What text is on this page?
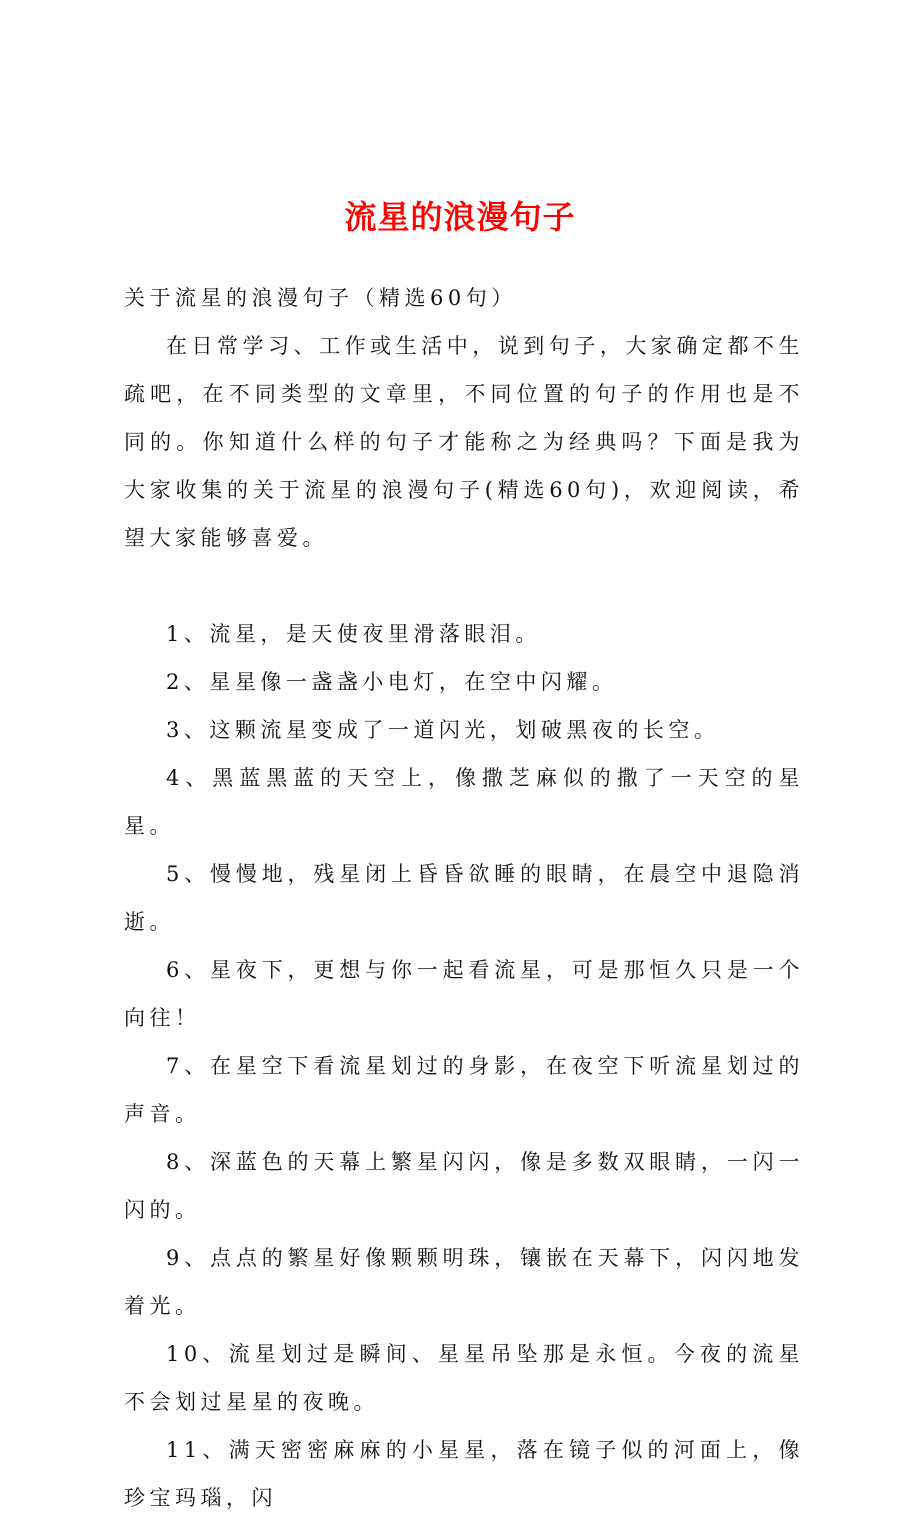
流星的浪漫句子

关于流星的浪漫句子（精选60句）

在日常学习、工作或生活中，说到句子，大家确定都不生疏吧，在不同类型的文章里，不同位置的句子的作用也是不同的。你知道什么样的句子才能称之为经典吗？下面是我为大家收集的关于流星的浪漫句子(精选60句)，欢迎阅读，希望大家能够喜爱。

1、流星，是天使夜里滑落眼泪。

2、星星像一盏盏小电灯，在空中闪耀。

3、这颗流星变成了一道闪光，划破黑夜的长空。

4、黑蓝黑蓝的天空上，像撒芝麻似的撒了一天空的星星。

5、慢慢地，残星闭上昏昏欲睡的眼睛，在晨空中退隐消逝。

6、星夜下，更想与你一起看流星，可是那恒久只是一个向往！

7、在星空下看流星划过的身影，在夜空下听流星划过的声音。

8、深蓝色的天幕上繁星闪闪，像是多数双眼睛，一闪一闪的。

9、点点的繁星好像颗颗明珠，镶嵌在天幕下，闪闪地发着光。

10、流星划过是瞬间、星星吊坠那是永恒。今夜的流星不会划过星星的夜晚。

11、满天密密麻麻的小星星，落在镜子似的河面上，像珍宝玛瑙，闪
